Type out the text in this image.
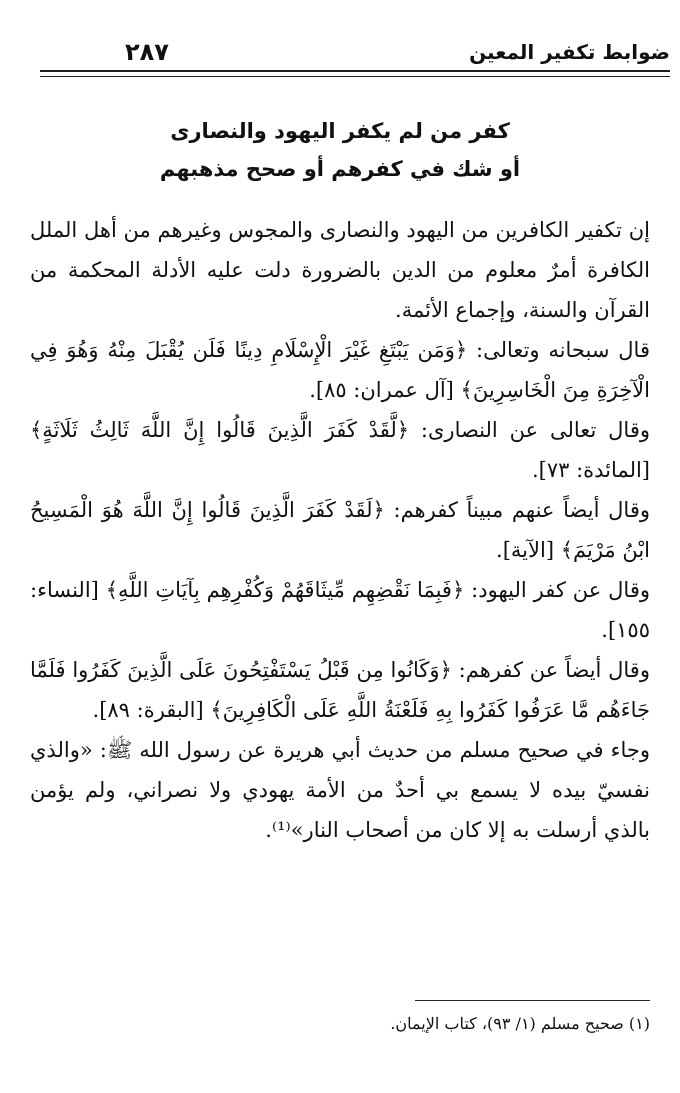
ضوابط تكفير المعين
٢٨٧
كفر من لم يكفر اليهود والنصارى
أو شك في كفرهم أو صحح مذهبهم

إن تكفير الكافرين من اليهود والنصارى والمجوس وغيرهم من أهل الملل الكافرة أمرٌ معلوم من الدين بالضرورة دلت عليه الأدلة المحكمة من القرآن والسنة، وإجماع الأئمة.

قال سبحانه وتعالى: ﴿وَمَن يَبْتَغِ غَيْرَ الْإِسْلَامِ دِينًا فَلَن يُقْبَلَ مِنْهُ وَهُوَ فِي الْآخِرَةِ مِنَ الْخَاسِرِينَ﴾ [آل عمران: ٨٥].

وقال تعالى عن النصارى: ﴿لَّقَدْ كَفَرَ الَّذِينَ قَالُوا إِنَّ اللَّهَ ثَالِثُ ثَلَاثَةٍ﴾ [المائدة: ٧٣].

وقال أيضاً عنهم مبيناً كفرهم: ﴿لَقَدْ كَفَرَ الَّذِينَ قَالُوا إِنَّ اللَّهَ هُوَ الْمَسِيحُ ابْنُ مَرْيَمَ﴾ [الآية].

وقال عن كفر اليهود: ﴿فَبِمَا نَقْضِهِم مِّيثَاقَهُمْ وَكُفْرِهِم بِآيَاتِ اللَّهِ﴾ [النساء: ١٥٥].

وقال أيضاً عن كفرهم: ﴿وَكَانُوا مِن قَبْلُ يَسْتَفْتِحُونَ عَلَى الَّذِينَ كَفَرُوا فَلَمَّا جَاءَهُم مَّا عَرَفُوا كَفَرُوا بِهِ فَلَعْنَةُ اللَّهِ عَلَى الْكَافِرِينَ﴾ [البقرة: ٨٩].

وجاء في صحيح مسلم من حديث أبي هريرة عن رسول الله ﷺ: «والذي نفسيّ بيده لا يسمع بي أحدٌ من الأمة يهودي ولا نصراني، ولم يؤمن بالذي أرسلت به إلا كان من أصحاب النار»⁽¹⁾.

(١) صحيح مسلم (١/ ٩٣)، كتاب الإيمان.
